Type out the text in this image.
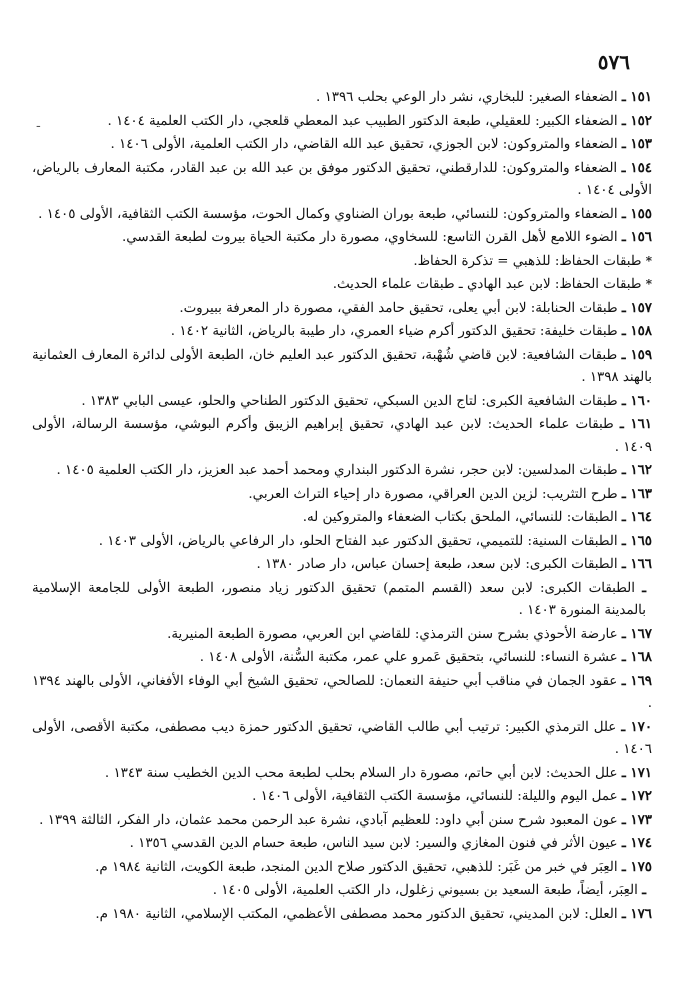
٥٧٦
-
١٥١ ـ الضعفاء الصغير: للبخاري، نشر دار الوعي بحلب ١٣٩٦ .
١٥٢ ـ الضعفاء الكبير: للعقيلي، طبعة الدكتور الطبيب عبد المعطي قلعجي، دار الكتب العلمية ١٤٠٤ .
١٥٣ ـ الضعفاء والمتروكون: لابن الجوزي، تحقيق عبد الله القاضي، دار الكتب العلمية، الأولى ١٤٠٦ .
١٥٤ ـ الضعفاء والمتروكون: للدارقطني، تحقيق الدكتور موفق بن عبد الله بن عبد القادر، مكتبة المعارف بالرياض، الأولى ١٤٠٤ .
١٥٥ ـ الضعفاء والمتروكون: للنسائي، طبعة بوران الضناوي وكمال الحوت، مؤسسة الكتب الثقافية، الأولى ١٤٠٥ .
١٥٦ ـ الضوء اللامع لأهل القرن التاسع: للسخاوي، مصورة دار مكتبة الحياة بيروت لطبعة القدسي.
* طبقات الحفاظ: للذهبي = تذكرة الحفاظ.
* طبقات الحفاظ: لابن عبد الهادي ـ طبقات علماء الحديث.
١٥٧ ـ طبقات الحنابلة: لابن أبي يعلى، تحقيق حامد الفقي، مصورة دار المعرفة ببيروت.
١٥٨ ـ طبقات خليفة: تحقيق الدكتور أكرم ضياء العمري، دار طيبة بالرياض، الثانية ١٤٠٢ .
١٥٩ ـ طبقات الشافعية: لابن قاضي شُهْبة، تحقيق الدكتور عبد العليم خان، الطبعة الأولى لدائرة المعارف العثمانية بالهند ١٣٩٨ .
١٦٠ ـ طبقات الشافعية الكبرى: لتاج الدين السبكي، تحقيق الدكتور الطناحي والحلو، عيسى البابي ١٣٨٣ .
١٦١ ـ طبقات علماء الحديث: لابن عبد الهادي، تحقيق إبراهيم الزيبق وأكرم البوشي، مؤسسة الرسالة، الأولى ١٤٠٩ .
١٦٢ ـ طبقات المدلسين: لابن حجر، نشرة الدكتور البنداري ومحمد أحمد عبد العزيز، دار الكتب العلمية ١٤٠٥ .
١٦٣ ـ طرح التثريب: لزين الدين العراقي، مصورة دار إحياء التراث العربي.
١٦٤ ـ الطبقات: للنسائي، الملحق بكتاب الضعفاء والمتروكين له.
١٦٥ ـ الطبقات السنية: للتميمي، تحقيق الدكتور عبد الفتاح الحلو، دار الرفاعي بالرياض، الأولى ١٤٠٣ .
١٦٦ ـ الطبقات الكبرى: لابن سعد، طبعة إحسان عباس، دار صادر ١٣٨٠ .
ـ الطبقات الكبرى: لابن سعد (القسم المتمم) تحقيق الدكتور زياد منصور، الطبعة الأولى للجامعة الإسلامية بالمدينة المنورة ١٤٠٣ .
١٦٧ ـ عارضة الأحوذي بشرح سنن الترمذي: للقاضي ابن العربي، مصورة الطبعة المنيرية.
١٦٨ ـ عشرة النساء: للنسائي، بتحقيق عَمرو علي عمر، مكتبة السُّنة، الأولى ١٤٠٨ .
١٦٩ ـ عقود الجمان في مناقب أبي حنيفة النعمان: للصالحي، تحقيق الشيخ أبي الوفاء الأفغاني، الأولى بالهند ١٣٩٤ .
١٧٠ ـ علل الترمذي الكبير: ترتيب أبي طالب القاضي، تحقيق الدكتور حمزة ديب مصطفى، مكتبة الأقصى، الأولى ١٤٠٦ .
١٧١ ـ علل الحديث: لابن أبي حاتم، مصورة دار السلام بحلب لطبعة محب الدين الخطيب سنة ١٣٤٣ .
١٧٢ ـ عمل اليوم والليلة: للنسائي، مؤسسة الكتب الثقافية، الأولى ١٤٠٦ .
١٧٣ ـ عون المعبود شرح سنن أبي داود: للعظيم آبادي، نشرة عبد الرحمن محمد عثمان، دار الفكر، الثالثة ١٣٩٩ .
١٧٤ ـ عيون الأثر في فنون المغازي والسير: لابن سيد الناس، طبعة حسام الدين القدسي ١٣٥٦ .
١٧٥ ـ العِبَر في خبر من غَبَر: للذهبي، تحقيق الدكتور صلاح الدين المنجد، طبعة الكويت، الثانية ١٩٨٤ م.
ـ العِبَر، أيضاً، طبعة السعيد بن بسيوني زغلول، دار الكتب العلمية، الأولى ١٤٠٥ .
١٧٦ ـ العلل: لابن المديني، تحقيق الدكتور محمد مصطفى الأعظمي، المكتب الإسلامي، الثانية ١٩٨٠ م.
